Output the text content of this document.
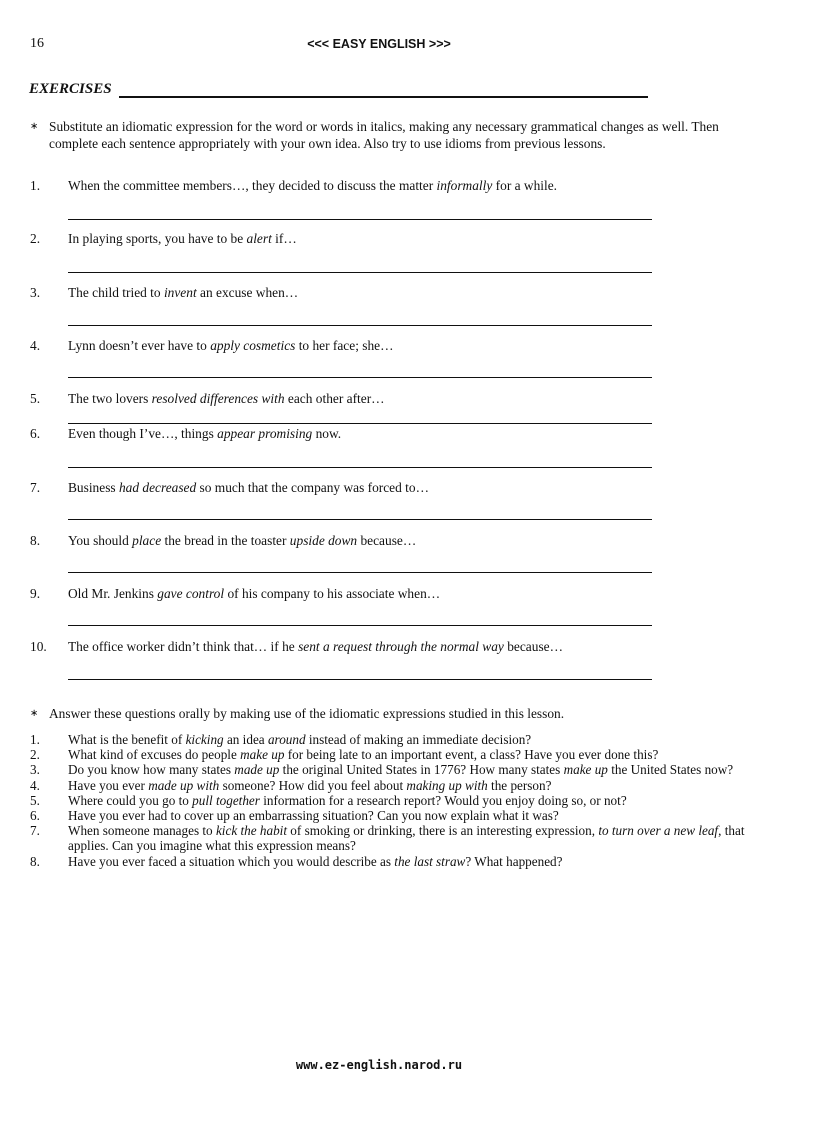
16	<<< EASY ENGLISH >>>
EXERCISES
∗ Substitute an idiomatic expression for the word or words in italics, making any necessary grammatical changes as well. Then complete each sentence appropriately with your own idea. Also try to use idioms from previous lessons.
1. When the committee members…, they decided to discuss the matter informally for a while.
2. In playing sports, you have to be alert if…
3. The child tried to invent an excuse when…
4. Lynn doesn’t ever have to apply cosmetics to her face; she…
5. The two lovers resolved differences with each other after…
6. Even though I’ve…, things appear promising now.
7. Business had decreased so much that the company was forced to…
8. You should place the bread in the toaster upside down because…
9. Old Mr. Jenkins gave control of his company to his associate when…
10. The office worker didn’t think that… if he sent a request through the normal way because…
∗ Answer these questions orally by making use of the idiomatic expressions studied in this lesson.
1. What is the benefit of kicking an idea around instead of making an immediate decision?
2. What kind of excuses do people make up for being late to an important event, a class? Have you ever done this?
3. Do you know how many states made up the original United States in 1776? How many states make up the United States now?
4. Have you ever made up with someone? How did you feel about making up with the person?
5. Where could you go to pull together information for a research report? Would you enjoy doing so, or not?
6. Have you ever had to cover up an embarrassing situation? Can you now explain what it was?
7. When someone manages to kick the habit of smoking or drinking, there is an interesting expression, to turn over a new leaf, that applies. Can you imagine what this expression means?
8. Have you ever faced a situation which you would describe as the last straw? What happened?
www.ez-english.narod.ru
